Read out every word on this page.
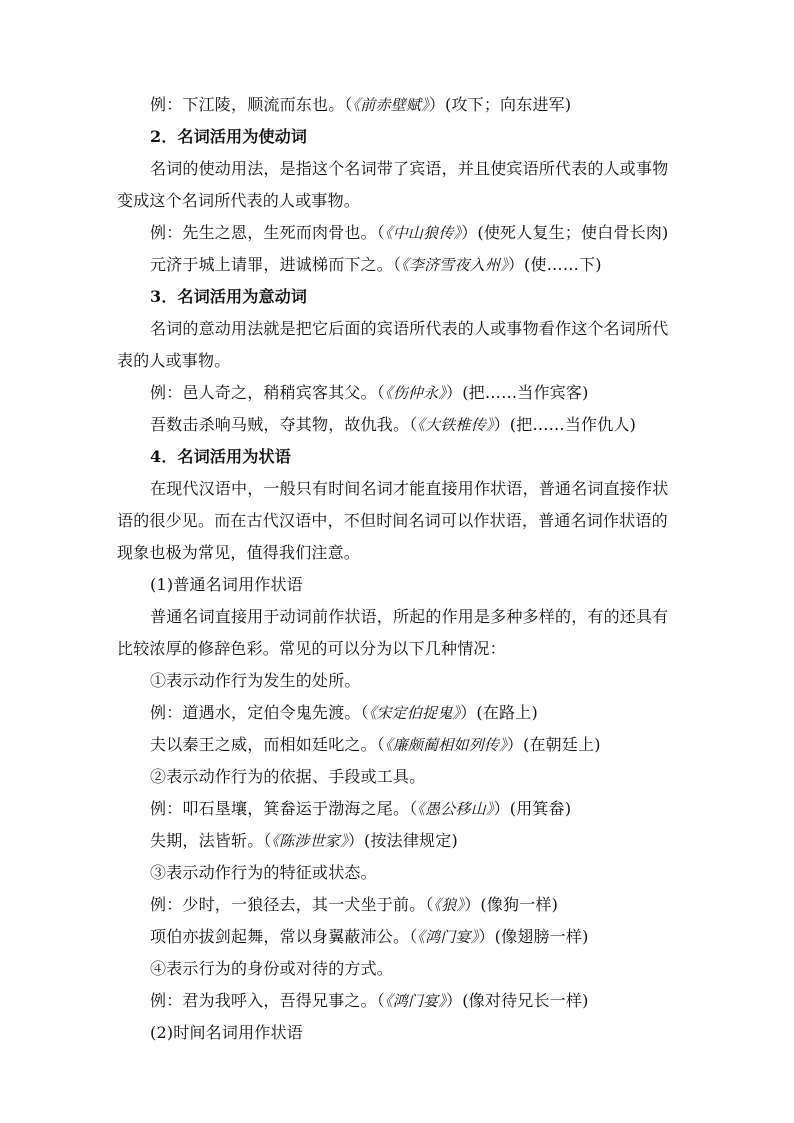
例：下江陵，顺流而东也。（《前赤壁赋》）(攻下；向东进军)
2．名词活用为使动词
名词的使动用法，是指这个名词带了宾语，并且使宾语所代表的人或事物
变成这个名词所代表的人或事物。
例：先生之恩，生死而肉骨也。（《中山狼传》）(使死人复生；使白骨长肉)
元济于城上请罪，进诚梯而下之。（《李济雪夜入州》）(使……下)
3．名词活用为意动词
名词的意动用法就是把它后面的宾语所代表的人或事物看作这个名词所代
表的人或事物。
例：邑人奇之，稍稍宾客其父。（《伤仲永》）(把……当作宾客)
吾数击杀响马贼，夺其物，故仇我。（《大铁椎传》）(把……当作仇人)
4．名词活用为状语
在现代汉语中，一般只有时间名词才能直接用作状语，普通名词直接作状
语的很少见。而在古代汉语中，不但时间名词可以作状语，普通名词作状语的
现象也极为常见，值得我们注意。
(1)普通名词用作状语
普通名词直接用于动词前作状语，所起的作用是多种多样的，有的还具有
比较浓厚的修辞色彩。常见的可以分为以下几种情况：
①表示动作行为发生的处所。
例：道遇水，定伯令鬼先渡。（《宋定伯捉鬼》）(在路上)
夫以秦王之威，而相如廷叱之。（《廉颇蔺相如列传》）(在朝廷上)
②表示动作行为的依据、手段或工具。
例：叩石垦壤，箕畚运于渤海之尾。（《愚公移山》）(用箕畚)
失期，法皆斩。（《陈涉世家》）(按法律规定)
③表示动作行为的特征或状态。
例：少时，一狼径去，其一犬坐于前。（《狼》）(像狗一样)
项伯亦拔剑起舞，常以身翼蔽沛公。（《鸿门宴》）(像翅膀一样)
④表示行为的身份或对待的方式。
例：君为我呼入，吾得兄事之。（《鸿门宴》）(像对待兄长一样)
(2)时间名词用作状语
